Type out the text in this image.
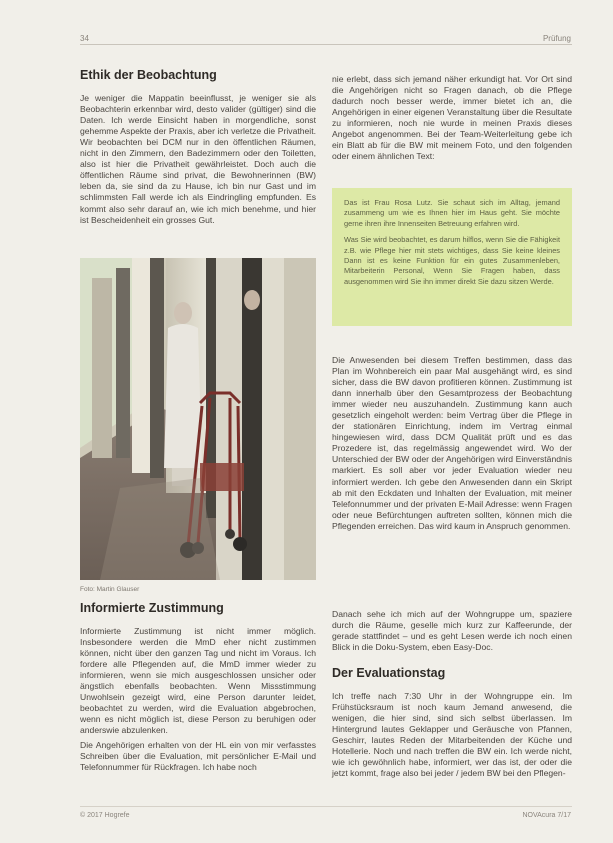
34	Prüfung
Ethik der Beobachtung

Je weniger die Mappatin beeinflusst, je weniger sie als Beobachterin erkennbar wird, desto valider (gültiger) sind die Daten. Ich werde Einsicht haben in morgendliche, sonst gehemme Aspekte der Praxis, aber ich verletze die Privatheit. Wir beobachten bei DCM nur in den öffentlichen Räumen, nicht in den Zimmern, den Badezimmern oder den Toiletten, also ist hier die Privatheit gewährleistet. Doch auch die öffentlichen Räume sind privat, die Bewohnerinnen (BW) leben da, sie sind da zu Hause, ich bin nur Gast und im schlimmsten Fall werde ich als Eindringling empfunden. Es kommt also sehr darauf an, wie ich mich benehme, und hier ist Bescheidenheit ein grosses Gut.

Foto: Martin Glauser
Informierte Zustimmung

Informierte Zustimmung ist nicht immer möglich. Insbesondere werden die MmD eher nicht zustimmen können, nicht über den ganzen Tag und nicht im Voraus. Ich fordere alle Pflegenden auf, die MmD immer wieder zu informieren, wenn sie mich ausgeschlossen unsicher oder ängstlich ebenfalls beobachten. Wenn Missstimmung Unwohlsein gezeigt wird, eine Person darunter leidet, beobachtet zu werden, wird die Evaluation abgebrochen, wenn es nicht möglich ist, diese Person zu beruhigen oder anderswie abzulenken.

Die Angehörigen erhalten von der HL ein von mir verfasstes Schreiben über die Evaluation, mit persönlicher E-Mail und Telefonnummer für Rückfragen. Ich habe noch

nie erlebt, dass sich jemand näher erkundigt hat. Vor Ort sind die Angehörigen nicht so Fragen danach, ob die Pflege dadurch noch besser werde, immer bietet ich an, die Angehörigen in einer eigenen Veranstaltung über die Resultate zu informieren, noch nie wurde in meinen Praxis dieses Angebot angenommen. Bei der Team-Weiterleitung gebe ich ein Blatt ab für die BW mit meinem Foto, und den folgenden oder einem ähnlichen Text:

Das ist Frau Rosa Lutz. Sie schaut sich im Alltag, jemand zusammeng um wie es Ihnen hier im Haus geht. Sie möchte gerne ihren ihre Innenseiten Betreuung erfahren wird.

Was Sie wird beobachtet, es darum hilflos, wenn Sie die Fähigkeit z.B. wie Pflege hier mit stets wichtiges, dass Sie keine kleines Dann ist es keine Funktion für ein gutes Zusammenleben, Mitarbeiterin Personal, Wenn Sie Fragen haben, dass ausgenommen wird Sie ihn immer direkt Sie dazu sitzen Werde.

Die Anwesenden bei diesem Treffen bestimmen, dass das Plan im Wohnbereich ein paar Mal ausgehängt wird, es sind sicher, dass die BW davon profitieren können. Zustimmung ist dann innerhalb über den Gesamtprozess der Beobachtung immer wieder neu auszuhandeln. Zustimmung kann auch gesetzlich eingeholt werden: beim Vertrag über die Pflege in der stationären Einrichtung, indem im Vertrag einmal hingewiesen wird, dass DCM Qualität prüft und es das Prozedere ist, das regelmässig angewendet wird. Wo der Unterschied der BW oder der Angehörigen wird Einverständnis markiert. Es soll aber vor jeder Evaluation wieder neu informiert werden. Ich gebe den Anwesenden dann ein Skript ab mit den Eckdaten und Inhalten der Evaluation, mit meiner Telefonnummer und der privaten E-Mail Adresse: wenn Fragen oder neue Befürchtungen auftreten sollten, können mich die Pflegenden erreichen. Das wird kaum in Anspruch genommen.

Danach sehe ich mich auf der Wohngruppe um, spaziere durch die Räume, geselle mich kurz zur Kaffeerunde, der gerade stattfindet – und es geht Lesen werde ich noch einen Blick in die Doku-System, eben Easy-Doc.

Der Evaluationstag

Ich treffe nach 7:30 Uhr in der Wohngruppe ein. Im Frühstücksraum ist noch kaum Jemand anwesend, die wenigen, die hier sind, sind sich selbst überlassen. Im Hintergrund lautes Geklapper und Geräusche von Pfannen, Geschirr, lautes Reden der Mitarbeitenden der Küche und Hotellerie. Noch und nach treffen die BW ein. Ich werde nicht, wie ich gewöhnlich habe, informiert, wer das ist, der oder die jetzt kommt, frage also bei jeder / jedem BW bei den Pflegen-

© 2017 Hogrefe	NOVAcura 7/17
